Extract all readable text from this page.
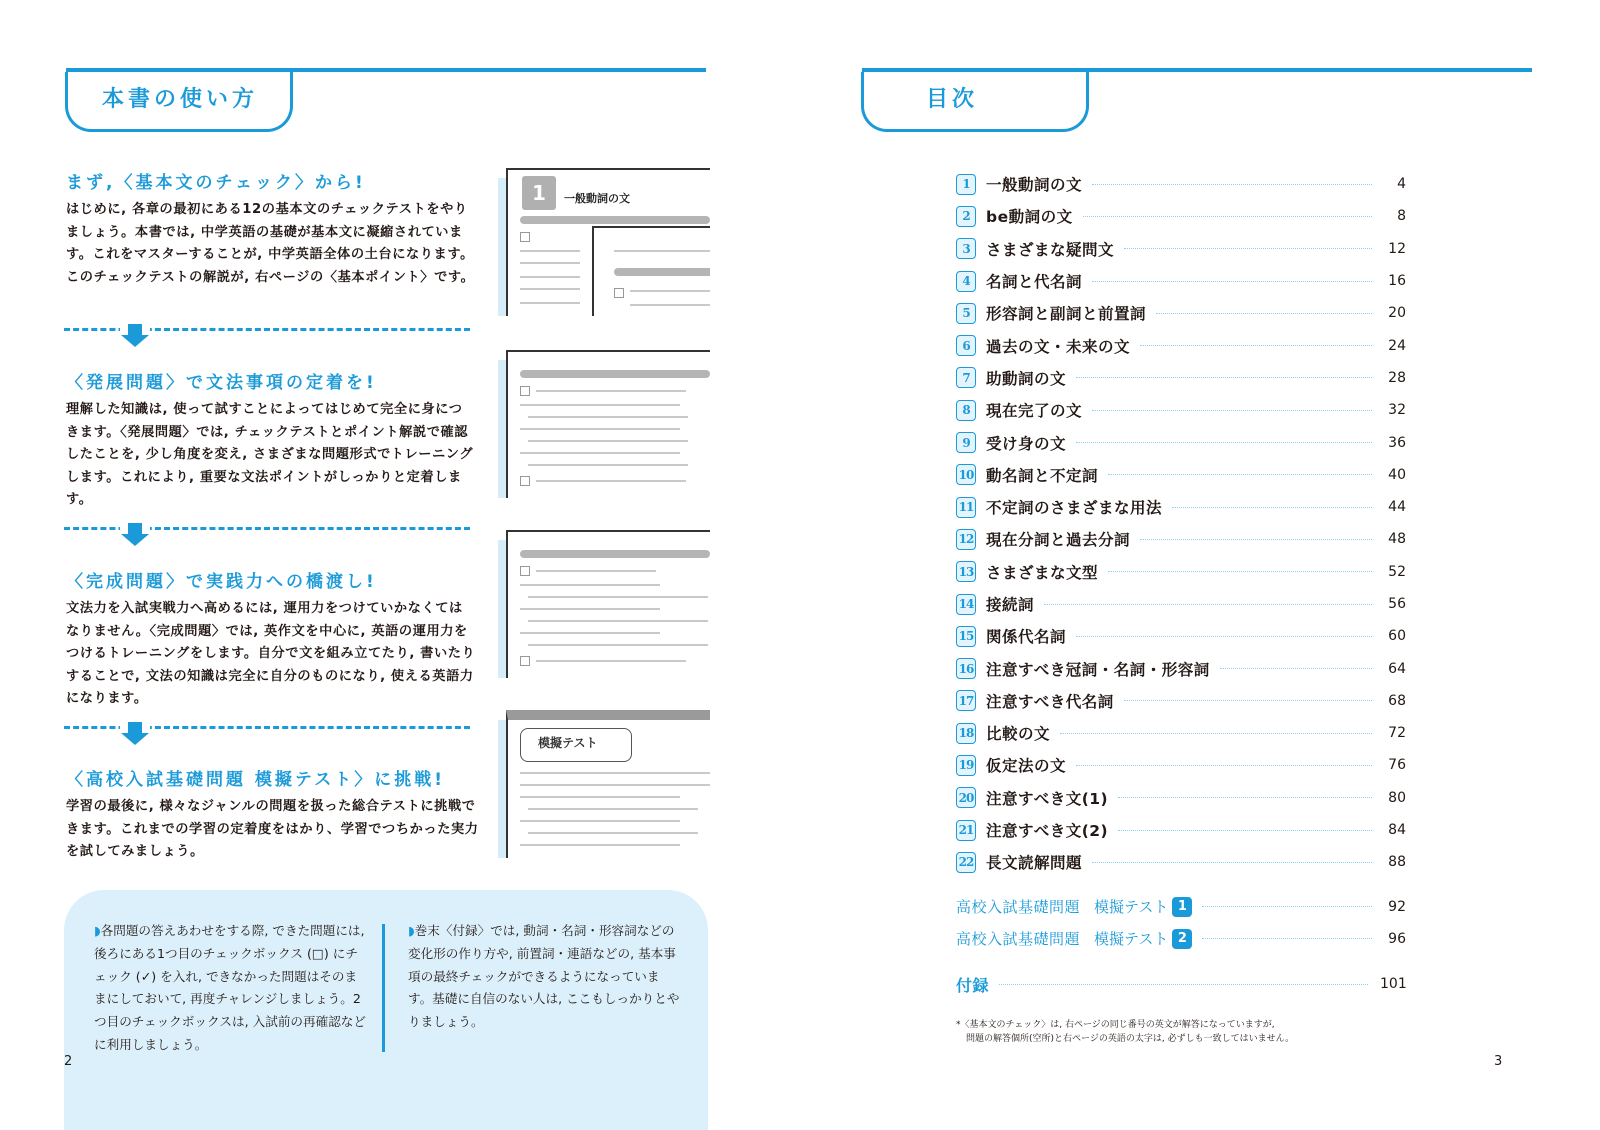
本書の使い方
まず,〈基本文のチェック〉から!
はじめに, 各章の最初にある12の基本文のチェックテストをやりましょう。本書では, 中学英語の基礎が基本文に凝縮されています。これをマスターすることが, 中学英語全体の土台になります。このチェックテストの解説が, 右ページの〈基本ポイント〉です。
〈発展問題〉で文法事項の定着を!
理解した知識は, 使って試すことによってはじめて完全に身につきます。〈発展問題〉では, チェックテストとポイント解説で確認したことを, 少し角度を変え, さまざまな問題形式でトレーニングします。これにより, 重要な文法ポイントがしっかりと定着します。
〈完成問題〉で実践力への橋渡し!
文法力を入試実戦力へ高めるには, 運用力をつけていかなくてはなりません。〈完成問題〉では, 英作文を中心に, 英語の運用力をつけるトレーニングをします。自分で文を組み立てたり, 書いたりすることで, 文法の知識は完全に自分のものになり, 使える英語力になります。
〈高校入試基礎問題 模擬テスト〉に挑戦!
学習の最後に, 様々なジャンルの問題を扱った総合テストに挑戦できます。これまでの学習の定着度をはかり、学習でつちかった実力を試してみましょう。
1	一般動詞の文
模擬テスト
◗各問題の答えあわせをする際, できた問題には, 後ろにある1つ目のチェックボックス (□) にチェック (✓) を入れ, できなかった問題はそのままにしておいて, 再度チャレンジしましょう。2つ目のチェックボックスは, 入試前の再確認などに利用しましょう。
◗巻末〈付録〉では, 動詞・名詞・形容詞などの変化形の作り方や, 前置詞・連語などの, 基本事項の最終チェックができるようになっています。基礎に自信のない人は, ここもしっかりとやりましょう。
2
目次
1	一般動詞の文	4
2	be動詞の文	8
3	さまざまな疑問文	12
4	名詞と代名詞	16
5	形容詞と副詞と前置詞	20
6	過去の文・未来の文	24
7	助動詞の文	28
8	現在完了の文	32
9	受け身の文	36
10 動名詞と不定詞	40
11 不定詞のさまざまな用法	44
12 現在分詞と過去分詞	48
13 さまざまな文型	52
14 接続詞	56
15 関係代名詞	60
16 注意すべき冠詞・名詞・形容詞	64
17 注意すべき代名詞	68
18 比較の文	72
19 仮定法の文	76
20 注意すべき文(1)	80
21 注意すべき文(2)	84
22 長文読解問題	88
高校入試基礎問題 模擬テスト 1	92
高校入試基礎問題 模擬テスト 2	96
付録	101
*〈基本文のチェック〉は, 右ページの同じ番号の英文が解答になっていますが,
問題の解答個所(空所)と右ページの英語の太字は, 必ずしも一致してはいません。
3
